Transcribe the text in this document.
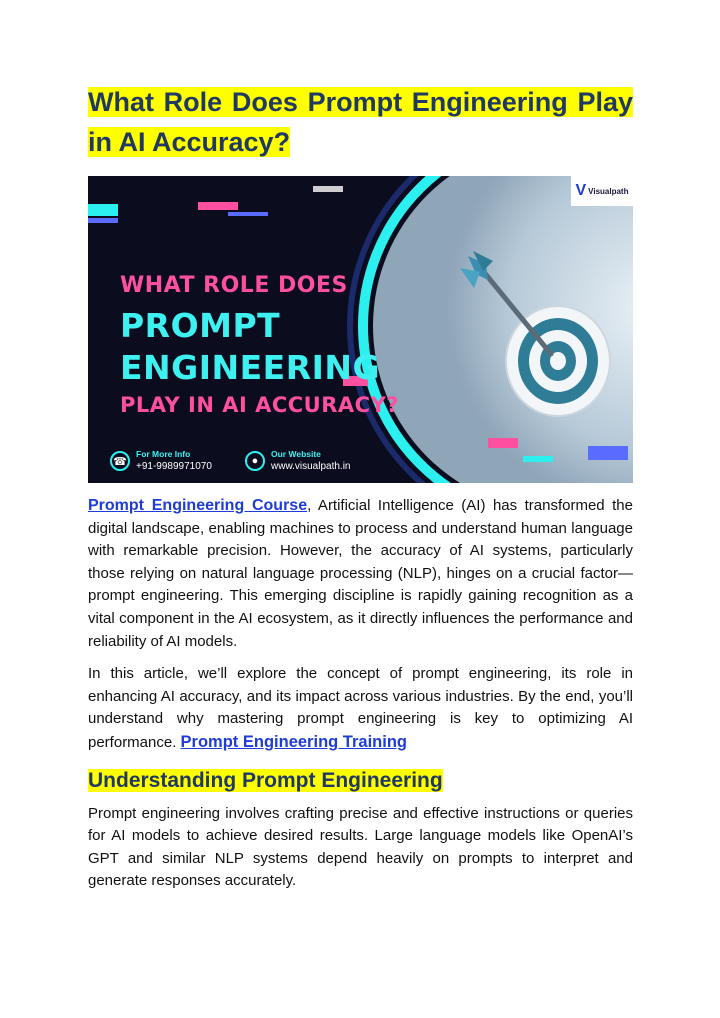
What Role Does Prompt Engineering Play in AI Accuracy?
V Visualpath
WHAT ROLE DOES
PROMPT
ENGINEERING
PLAY IN AI ACCURACY?
☎
For More Info
+91-9989971070	●
Our Website
www.visualpath.in

Prompt Engineering Course, Artificial Intelligence (AI) has transformed the digital landscape, enabling machines to process and understand human language with remarkable precision. However, the accuracy of AI systems, particularly those relying on natural language processing (NLP), hinges on a crucial factor—prompt engineering. This emerging discipline is rapidly gaining recognition as a vital component in the AI ecosystem, as it directly influences the performance and reliability of AI models.

In this article, we’ll explore the concept of prompt engineering, its role in enhancing AI accuracy, and its impact across various industries. By the end, you’ll understand why mastering prompt engineering is key to optimizing AI performance. Prompt Engineering Training

Understanding Prompt Engineering

Prompt engineering involves crafting precise and effective instructions or queries for AI models to achieve desired results. Large language models like OpenAI’s GPT and similar NLP systems depend heavily on prompts to interpret and generate responses accurately.
